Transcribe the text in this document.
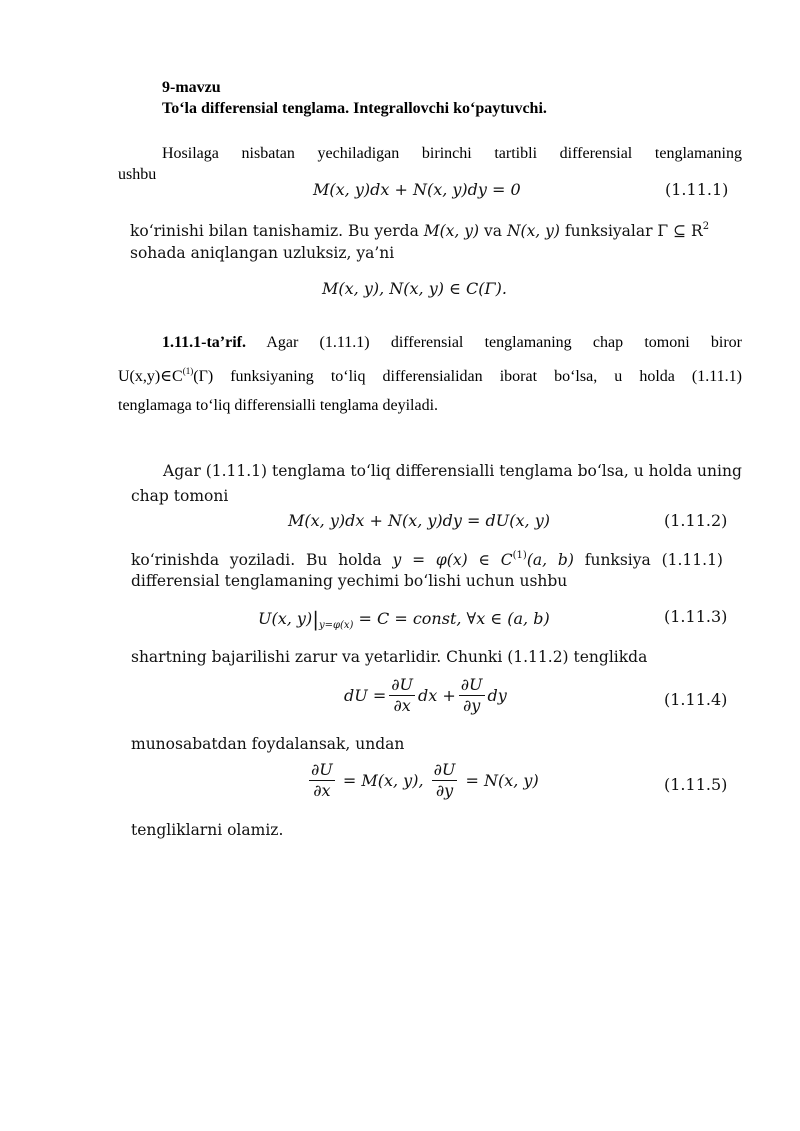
9-mavzu
To‘la differensial tenglama. Integrallovchi ko‘paytuvchi.
Hosilaga nisbatan yechiladigan birinchi tartibli differensial tenglamaning
ushbu
M(x, y)dx + N(x, y)dy = 0	(1.11.1)
ko‘rinishi bilan tanishamiz. Bu yerda M(x, y) va N(x, y) funksiyalar Γ ⊆ $R^2$
sohada aniqlangan uzluksiz, ya’ni
M(x, y), N(x, y) ∈ C(Γ).
1.11.1-ta’rif. Agar (1.11.1) differensial tenglamaning chap tomoni biror
$U(x,y)\in C^{(1)}(\Gamma)$ funksiyaning to‘liq differensialidan iborat bo‘lsa, u holda (1.11.1)
tenglamaga to‘liq differensialli tenglama deyiladi.
Agar (1.11.1) tenglama to‘liq differensialli tenglama bo‘lsa, u holda uning
chap tomoni
M(x, y)dx + N(x, y)dy = dU(x, y)	(1.11.2)
ko‘rinishda yoziladi. Bu holda y = φ(x) ∈ $C^{(1)}(a$, b) funksiya (1.11.1)
differensial tenglamaning yechimi bo‘lishi uchun ushbu
U(x, $y)|_{y=\varphi(x)} = C$ = const, ∀x ∈ (a, b)	(1.11.3)
shartning bajarilishi zarur va yetarlidir. Chunki (1.11.2) tenglikda
dU = $\frac{\partial U}{\partial x}$ dx + $\frac{\partial U}{\partial y}$ dy	(1.11.4)
munosabatdan foydalansak, undan
$\frac{\partial U}{\partial x} = M(x$, y), $\frac{\partial U}{\partial y} = N(x$, y)	(1.11.5)
tengliklarni olamiz.
